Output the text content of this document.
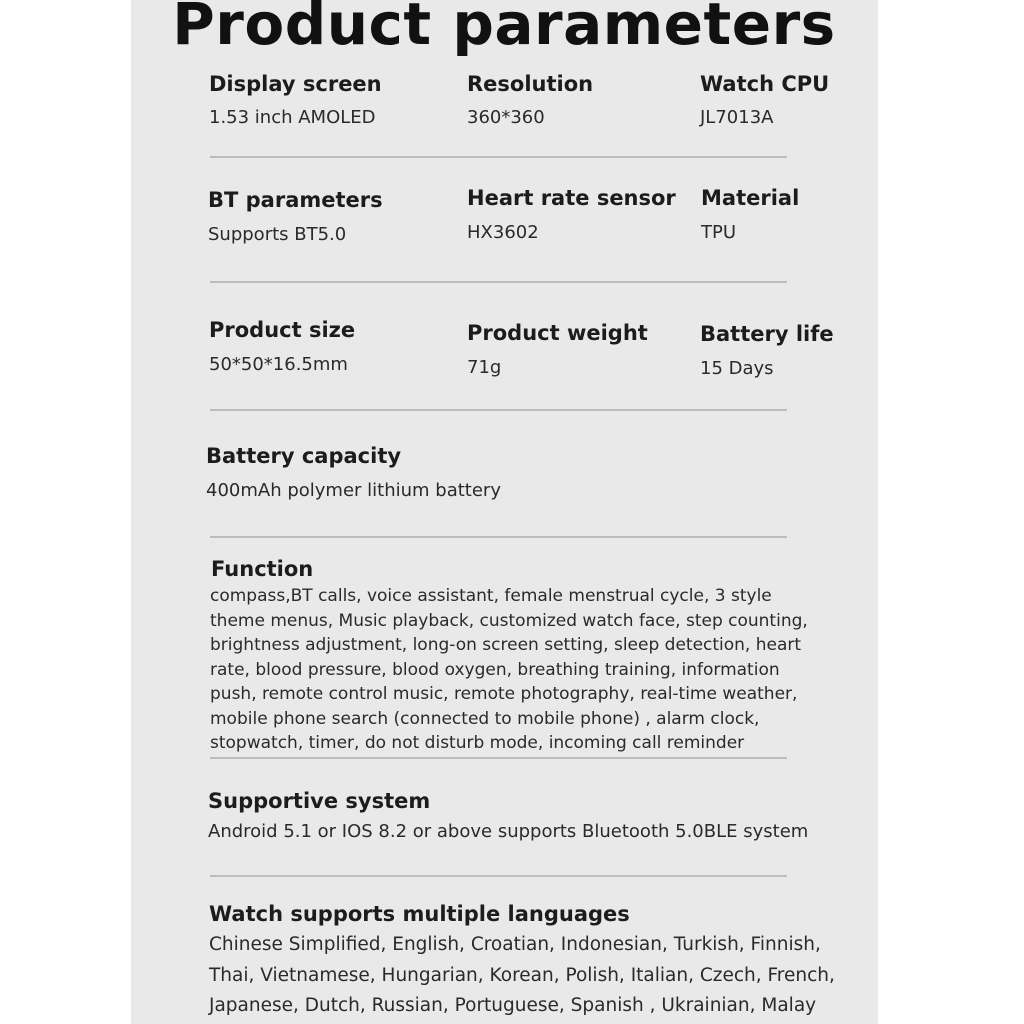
Product parameters
Display screen
1.53 inch AMOLED
Resolution
360*360
Watch CPU
JL7013A
BT parameters
Supports BT5.0
Heart rate sensor
HX3602
Material
TPU
Product size
50*50*16.5mm
Product weight
71g
Battery life
15 Days
Battery capacity
400mAh polymer lithium battery
Function
compass,BT calls, voice assistant, female menstrual cycle, 3 style theme menus, Music playback, customized watch face, step counting, brightness adjustment, long-on screen setting, sleep detection, heart rate, blood pressure, blood oxygen, breathing training, information push, remote control music, remote photography, real-time weather, mobile phone search (connected to mobile phone) , alarm clock, stopwatch, timer, do not disturb mode, incoming call reminder
Supportive system
Android 5.1 or IOS 8.2 or above supports Bluetooth 5.0BLE system
Watch supports multiple languages
Chinese Simplified, English, Croatian, Indonesian, Turkish, Finnish, Thai, Vietnamese, Hungarian, Korean, Polish, Italian, Czech, French, Japanese, Dutch, Russian, Portuguese, Spanish , Ukrainian, Malay
